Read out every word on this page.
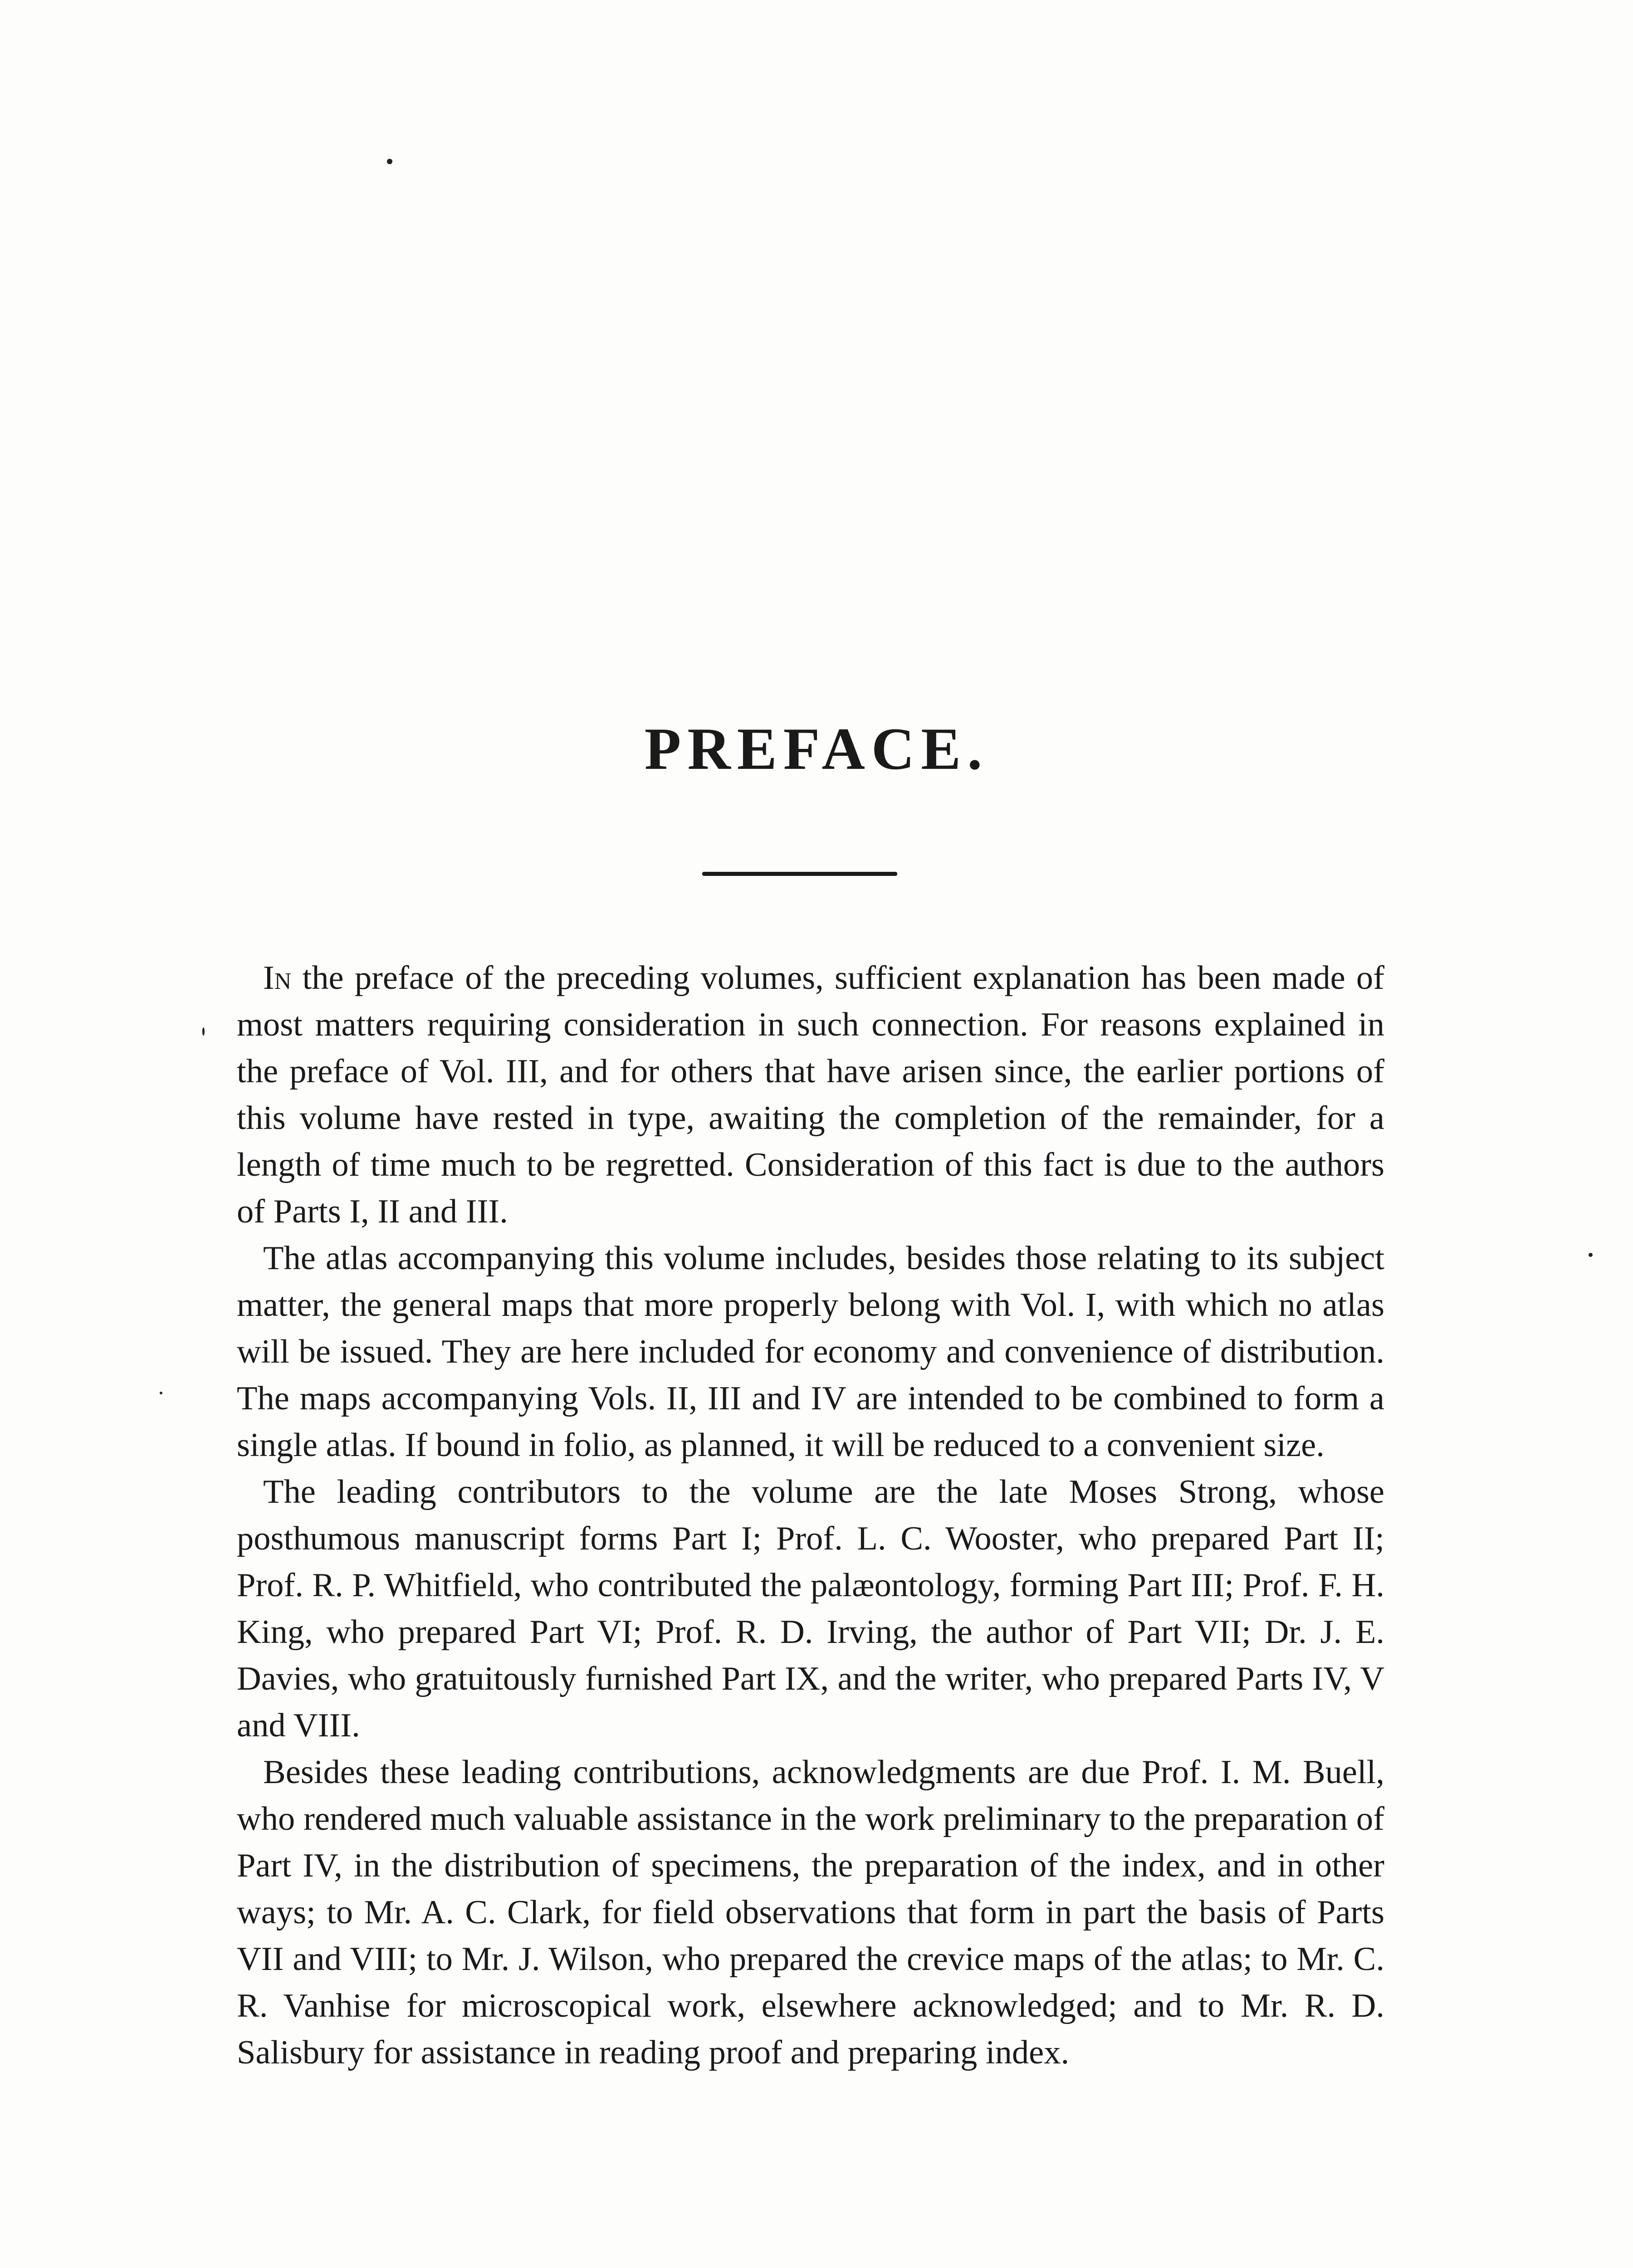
PREFACE.

In the preface of the preceding volumes, sufficient explanation has been made of most matters requiring consideration in such connection. For reasons explained in the preface of Vol. III, and for others that have arisen since, the earlier portions of this volume have rested in type, awaiting the completion of the remainder, for a length of time much to be regretted. Consideration of this fact is due to the authors of Parts I, II and III.

The atlas accompanying this volume includes, besides those relating to its subject matter, the general maps that more properly belong with Vol. I, with which no atlas will be issued. They are here included for economy and convenience of distribution. The maps accompanying Vols. II, III and IV are intended to be combined to form a single atlas. If bound in folio, as planned, it will be reduced to a convenient size.

The leading contributors to the volume are the late Moses Strong, whose posthumous manuscript forms Part I; Prof. L. C. Wooster, who prepared Part II; Prof. R. P. Whitfield, who contributed the palæontology, forming Part III; Prof. F. H. King, who prepared Part VI; Prof. R. D. Irving, the author of Part VII; Dr. J. E. Davies, who gratuitously furnished Part IX, and the writer, who prepared Parts IV, V and VIII.

Besides these leading contributions, acknowledgments are due Prof. I. M. Buell, who rendered much valuable assistance in the work preliminary to the preparation of Part IV, in the distribution of specimens, the preparation of the index, and in other ways; to Mr. A. C. Clark, for field observations that form in part the basis of Parts VII and VIII; to Mr. J. Wilson, who prepared the crevice maps of the atlas; to Mr. C. R. Vanhise for microscopical work, elsewhere acknowledged; and to Mr. R. D. Salisbury for assistance in reading proof and preparing index.
